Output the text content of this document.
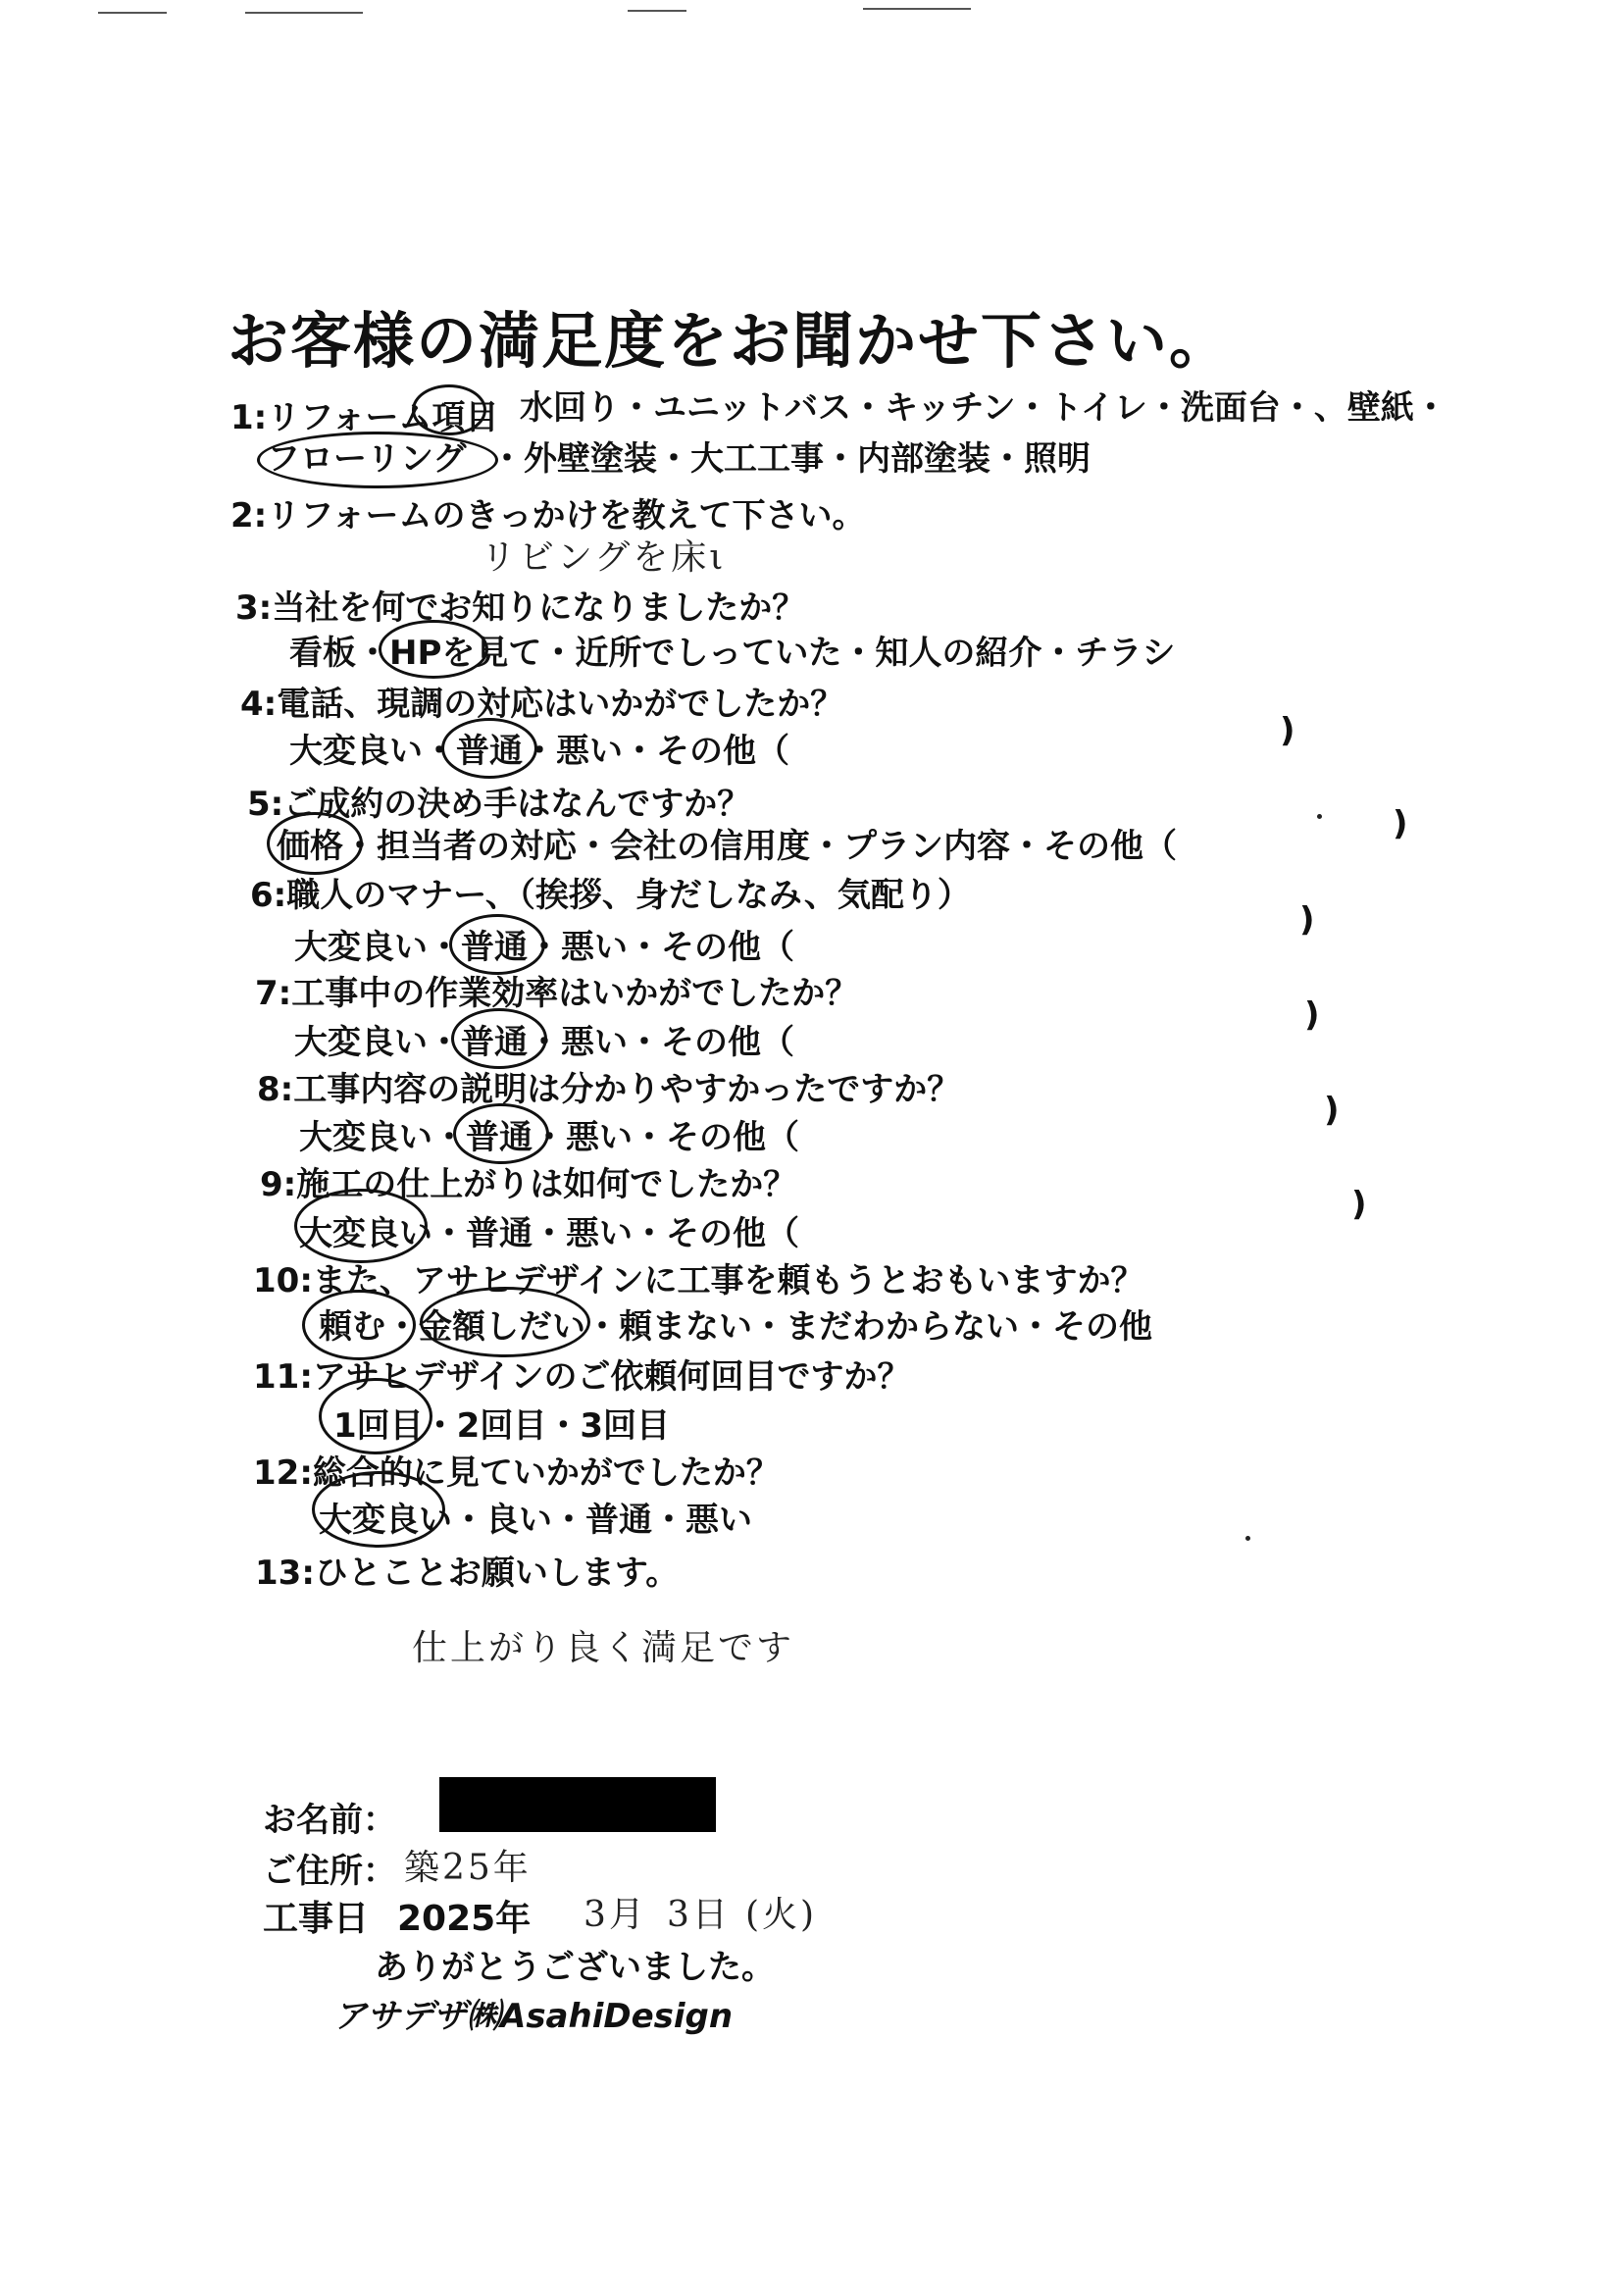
お客様の満足度をお聞かせ下さい。
1:リフォーム項目 水回り・ユニットバス・キッチン・トイレ・洗面台・、壁紙・
フローリング ・外壁塗装・大工工事・内部塗装・照明
2:リフォームのきっかけを教えて下さい。
リビングを床ι
3:当社を何でお知りになりましたか？
看板・HPを見て・近所でしっていた・知人の紹介・チラシ
4:電話、現調の対応はいかがでしたか？
大変良い・普通・悪い・その他（
)
5:ご成約の決め手はなんですか？
価格・担当者の対応・会社の信用度・プラン内容・その他（
)
6:職人のマナー、（挨拶、身だしなみ、気配り）
大変良い・普通・悪い・その他（
)
7:工事中の作業効率はいかがでしたか？
大変良い・普通・悪い・その他（
)
8:工事内容の説明は分かりやすかったですか？
大変良い・普通・悪い・その他（
)
9:施工の仕上がりは如何でしたか？
大変良い・普通・悪い・その他（
)
10:また、アサヒデザインに工事を頼もうとおもいますか？
頼む・金額しだい・頼まない・まだわからない・その他
11:アサヒデザインのご依頼何回目ですか？
1回目・2回目・3回目
12:総合的に見ていかがでしたか？
大変良い・良い・普通・悪い
13:ひとことお願いします。
仕上がり良く満足です
お名前：
ご住所： 築25年
工事日 2025年 3月 3日 (火)
ありがとうございました。
アサデザ㈱AsahiDesign
